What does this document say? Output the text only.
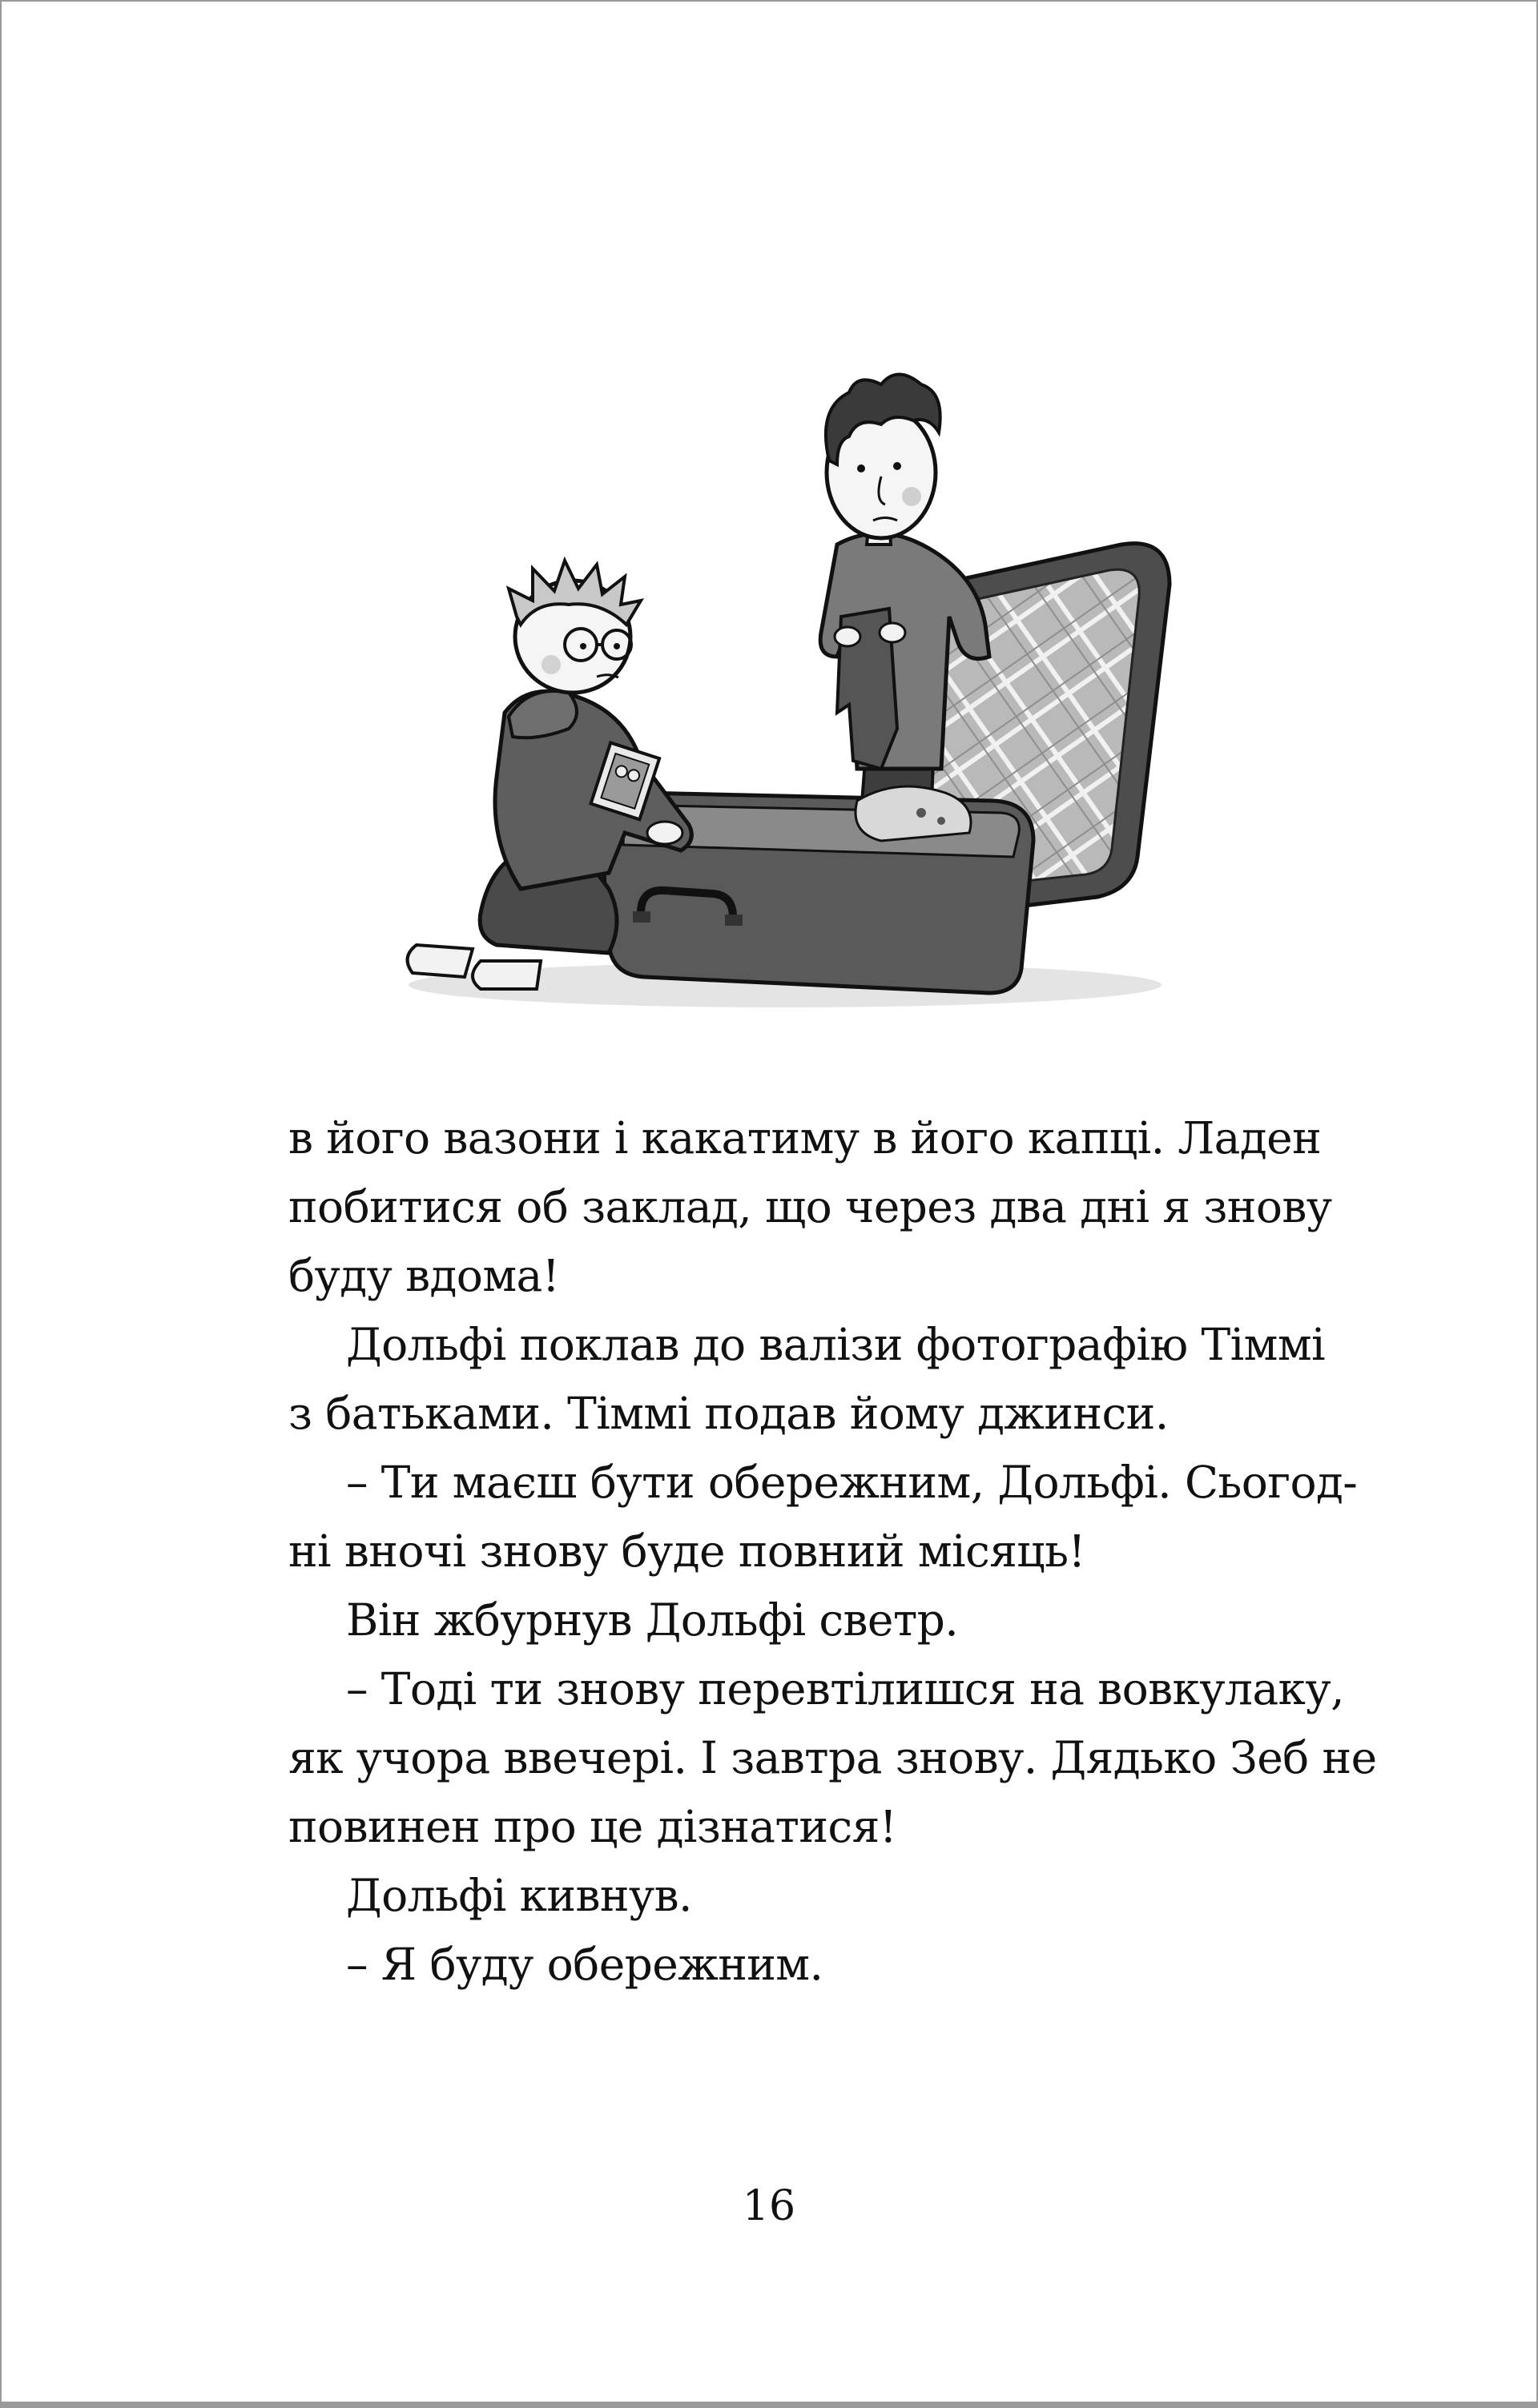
в його вазони і какатиму в його капці. Ладен
побитися об заклад, що через два дні я знову
буду вдома!
Дольфі поклав до валізи фотографію Тіммі
з батьками. Тіммі подав йому джинси.
– Ти маєш бути обережним, Дольфі. Сьогод-
ні вночі знову буде повний місяць!
Він жбурнув Дольфі светр.
– Тоді ти знову перевтілишся на вовкулаку,
як учора ввечері. І завтра знову. Дядько Зеб не
повинен про це дізнатися!
Дольфі кивнув.
– Я буду обережним.
16
